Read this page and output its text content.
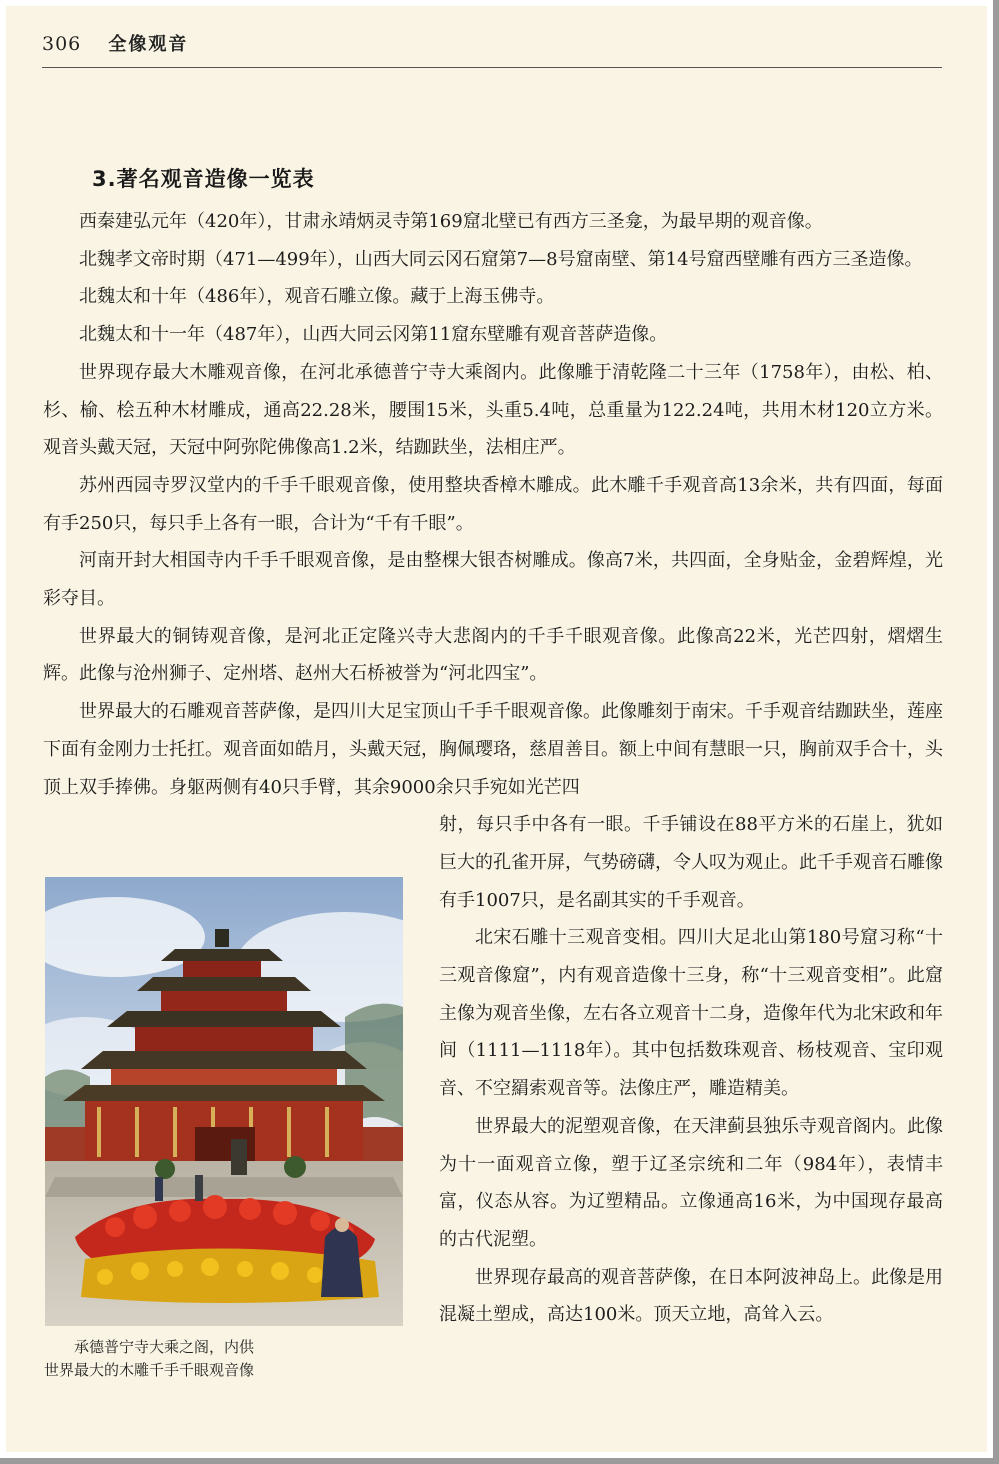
306 全像观音
3.著名观音造像一览表

西秦建弘元年（420年），甘肃永靖炳灵寺第169窟北壁已有西方三圣龛，为最早期的观音像。

北魏孝文帝时期（471—499年），山西大同云冈石窟第7—8号窟南壁、第14号窟西壁雕有西方三圣造像。

北魏太和十年（486年），观音石雕立像。藏于上海玉佛寺。

北魏太和十一年（487年），山西大同云冈第11窟东壁雕有观音菩萨造像。

世界现存最大木雕观音像，在河北承德普宁寺大乘阁内。此像雕于清乾隆二十三年（1758年），由松、柏、杉、榆、桧五种木材雕成，通高22.28米，腰围15米，头重5.4吨，总重量为122.24吨，共用木材120立方米。观音头戴天冠，天冠中阿弥陀佛像高1.2米，结跏趺坐，法相庄严。

苏州西园寺罗汉堂内的千手千眼观音像，使用整块香樟木雕成。此木雕千手观音高13余米，共有四面，每面有手250只，每只手上各有一眼，合计为“千有千眼”。

河南开封大相国寺内千手千眼观音像，是由整棵大银杏树雕成。像高7米，共四面，全身贴金，金碧辉煌，光彩夺目。

世界最大的铜铸观音像，是河北正定隆兴寺大悲阁内的千手千眼观音像。此像高22米，光芒四射，熠熠生辉。此像与沧州狮子、定州塔、赵州大石桥被誉为“河北四宝”。

世界最大的石雕观音菩萨像，是四川大足宝顶山千手千眼观音像。此像雕刻于南宋。千手观音结跏趺坐，莲座下面有金刚力士托扛。观音面如皓月，头戴天冠，胸佩璎珞，慈眉善目。额上中间有慧眼一只，胸前双手合十，头顶上双手捧佛。身躯两侧有40只手臂，其余9000余只手宛如光芒四

射，每只手中各有一眼。千手铺设在88平方米的石崖上，犹如巨大的孔雀开屏，气势磅礴，令人叹为观止。此千手观音石雕像有手1007只，是名副其实的千手观音。

北宋石雕十三观音变相。四川大足北山第180号窟习称“十三观音像窟”，内有观音造像十三身，称“十三观音变相”。此窟主像为观音坐像，左右各立观音十二身，造像年代为北宋政和年间（1111—1118年）。其中包括数珠观音、杨枝观音、宝印观音、不空羂索观音等。法像庄严，雕造精美。

世界最大的泥塑观音像，在天津蓟县独乐寺观音阁内。此像为十一面观音立像，塑于辽圣宗统和二年（984年），表情丰富，仪态从容。为辽塑精品。立像通高16米，为中国现存最高的古代泥塑。

世界现存最高的观音菩萨像，在日本阿波神岛上。此像是用混凝土塑成，高达100米。顶天立地，高耸入云。

承德普宁寺大乘之阁，内供世界最大的木雕千手千眼观音像
